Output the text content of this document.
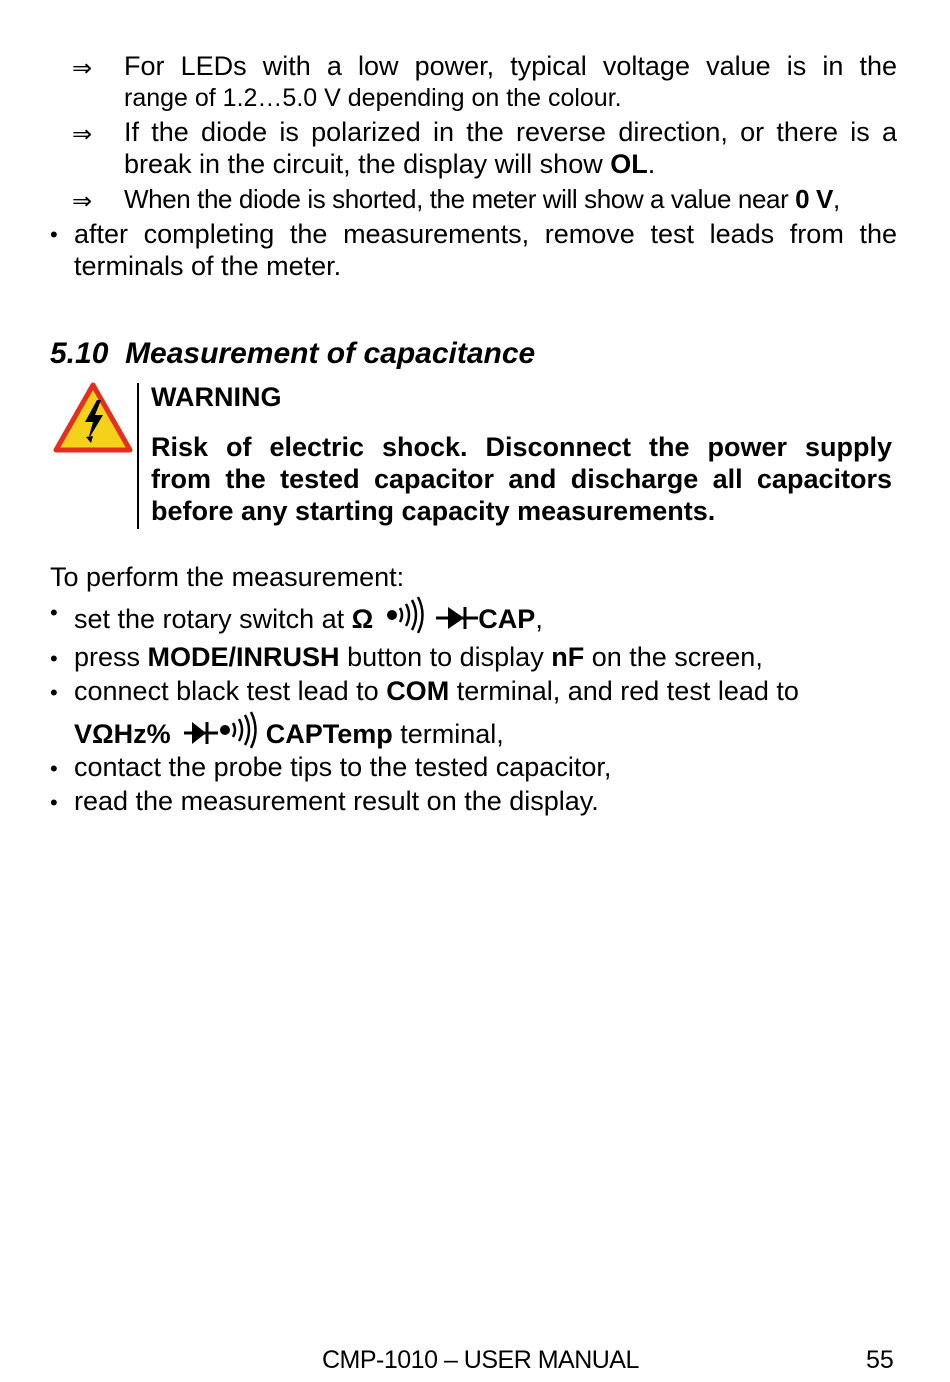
⇒ For LEDs with a low power, typical voltage value is in the
range of 1.2…5.0 V depending on the colour.
⇒ If the diode is polarized in the reverse direction, or there is a
break in the circuit, the display will show OL.
⇒ When the diode is shorted, the meter will show a value near 0 V,
• after completing the measurements, remove test leads from the
terminals of the meter.
5.10 Measurement of capacitance
WARNING
Risk of electric shock. Disconnect the power supply
from the tested capacitor and discharge all capacitors
before any starting capacity measurements.
To perform the measurement:
• set the rotary switch at Ω	CAP,
• press MODE/INRUSH button to display nF on the screen,
• connect black test lead to COM terminal, and red test lead to
VΩHz%	CAPTemp terminal,
• contact the probe tips to the tested capacitor,
• read the measurement result on the display.
CMP-1010 – USER MANUAL	55
